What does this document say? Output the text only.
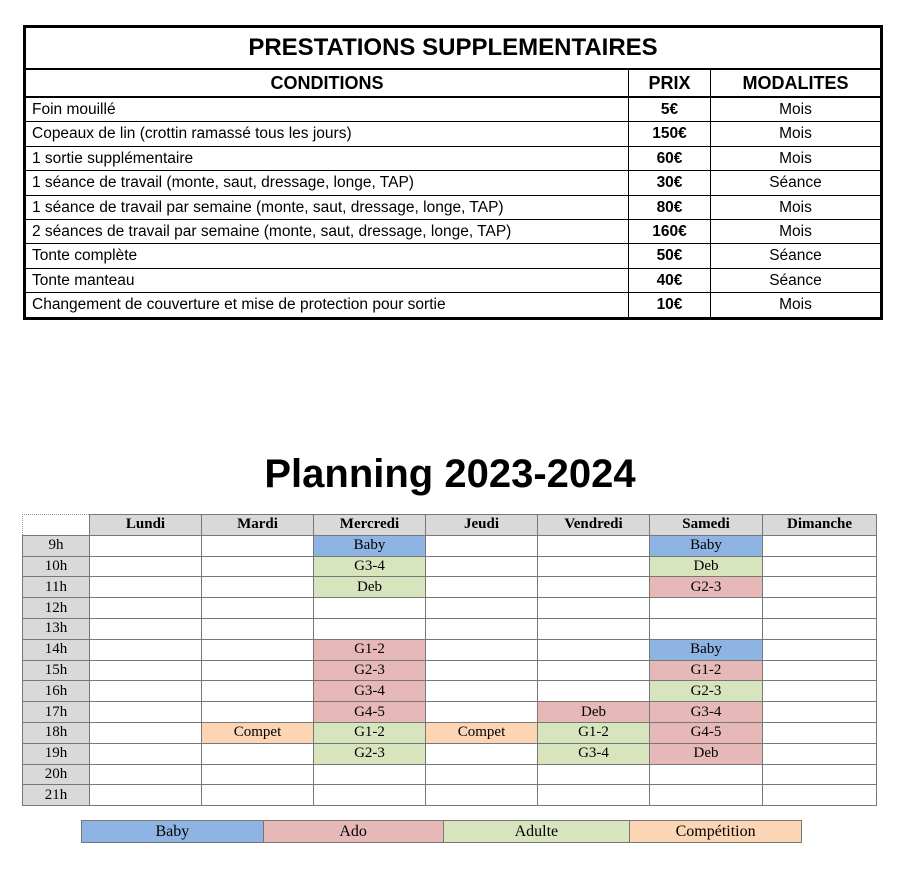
PRESTATIONS SUPPLEMENTAIRES		
CONDITIONS	PRIX	MODALITES
Foin mouillé	5€	Mois
Copeaux de lin (crottin ramassé tous les jours)	150€	Mois
1 sortie supplémentaire	60€	Mois
1 séance de travail (monte, saut, dressage, longe, TAP)	30€	Séance
1 séance de travail par semaine (monte, saut, dressage, longe, TAP)	80€	Mois
2 séances de travail par semaine (monte, saut, dressage, longe, TAP)	160€	Mois
Tonte complète	50€	Séance
Tonte manteau	40€	Séance
Changement de couverture et mise de protection pour sortie	10€	Mois
Planning 2023-2024
	Lundi	Mardi	Mercredi	Jeudi	Vendredi	Samedi	Dimanche
9h			Baby			Baby	
10h			G3-4			Deb	
11h			Deb			G2-3	
12h							
13h							
14h			G1-2			Baby	
15h			G2-3			G1-2	
16h			G3-4			G2-3	
17h			G4-5		Deb	G3-4	
18h		Compet	G1-2	Compet	G1-2	G4-5	
19h			G2-3		G3-4	Deb	
20h							
21h							
Baby	Ado	Adulte	Compétition
